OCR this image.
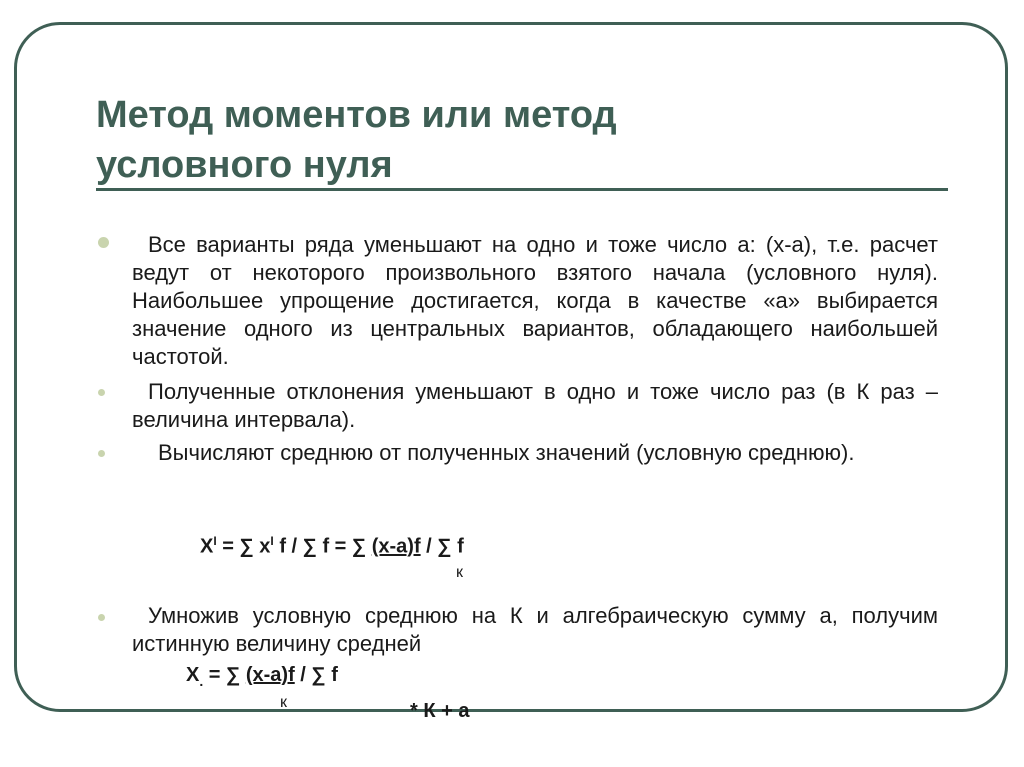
Метод моментов или метод
условного нуля
Все варианты ряда уменьшают на одно и тоже число а: (х-а), т.е. расчет ведут от некоторого произвольного взятого начала (условного нуля). Наибольшее упрощение достигается, когда в качестве «а» выбирается значение одного из центральных вариантов, обладающего наибольшей частотой.
Полученные отклонения уменьшают в одно и тоже число раз (в К раз – величина интервала).
Вычисляют среднюю от полученных значений (условную среднюю).
$X^I$ = ∑ $x^I$ f / ∑ f = ∑ (x-a)f / ∑ f
к
Умножив условную среднюю на К и алгебраическую сумму а, получим истинную величину средней
$X_.$ = ∑ (x-a)f / ∑ f
к	* К + а
